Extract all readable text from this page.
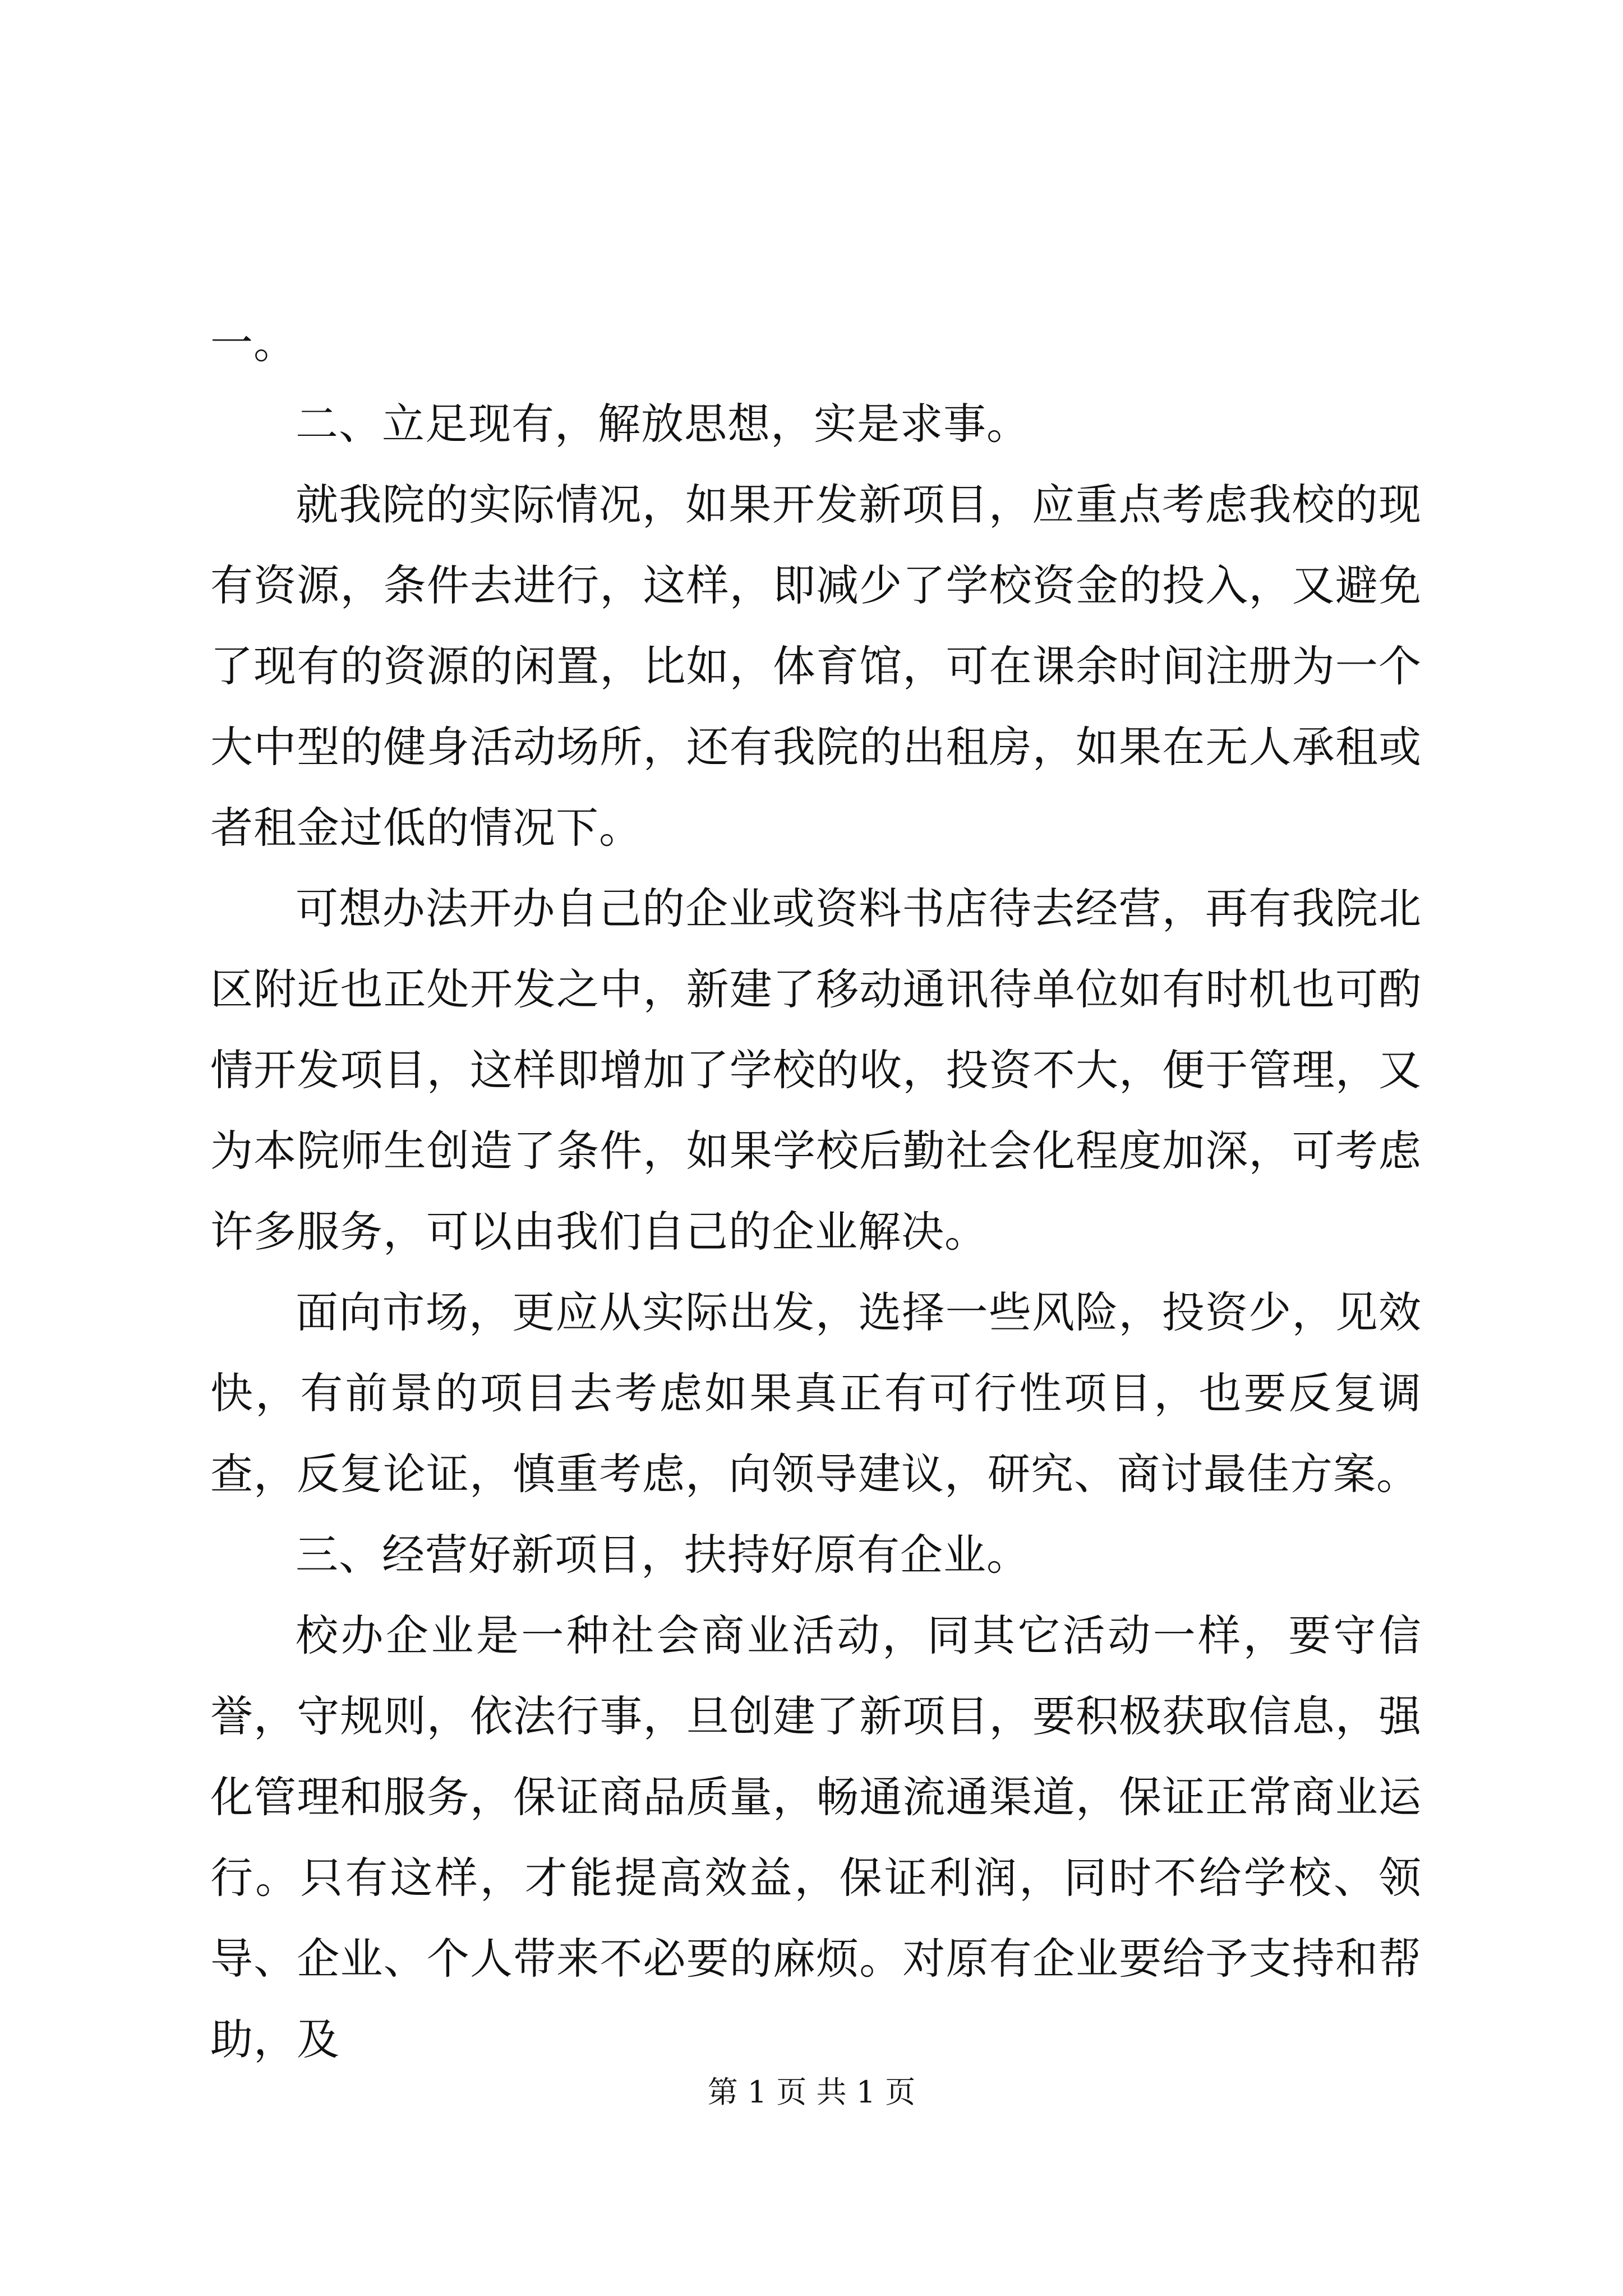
一。

二、立足现有，解放思想，实是求事。

就我院的实际情况，如果开发新项目，应重点考虑我校的现有资源，条件去进行，这样，即减少了学校资金的投入，又避免了现有的资源的闲置，比如，体育馆，可在课余时间注册为一个大中型的健身活动场所，还有我院的出租房，如果在无人承租或者租金过低的情况下。

可想办法开办自己的企业或资料书店待去经营，再有我院北区附近也正处开发之中，新建了移动通讯待单位如有时机也可酌情开发项目，这样即增加了学校的收，投资不大，便于管理，又为本院师生创造了条件，如果学校后勤社会化程度加深，可考虑许多服务，可以由我们自己的企业解决。

面向市场，更应从实际出发，选择一些风险，投资少，见效快，有前景的项目去考虑如果真正有可行性项目，也要反复调查，反复论证，慎重考虑，向领导建议，研究、商讨最佳方案。

三、经营好新项目，扶持好原有企业。

校办企业是一种社会商业活动，同其它活动一样，要守信誉，守规则，依法行事，旦创建了新项目，要积极获取信息，强化管理和服务，保证商品质量，畅通流通渠道，保证正常商业运行。只有这样，才能提高效益，保证利润，同时不给学校、领导、企业、个人带来不必要的麻烦。对原有企业要给予支持和帮助，及

第 1 页 共 1 页
